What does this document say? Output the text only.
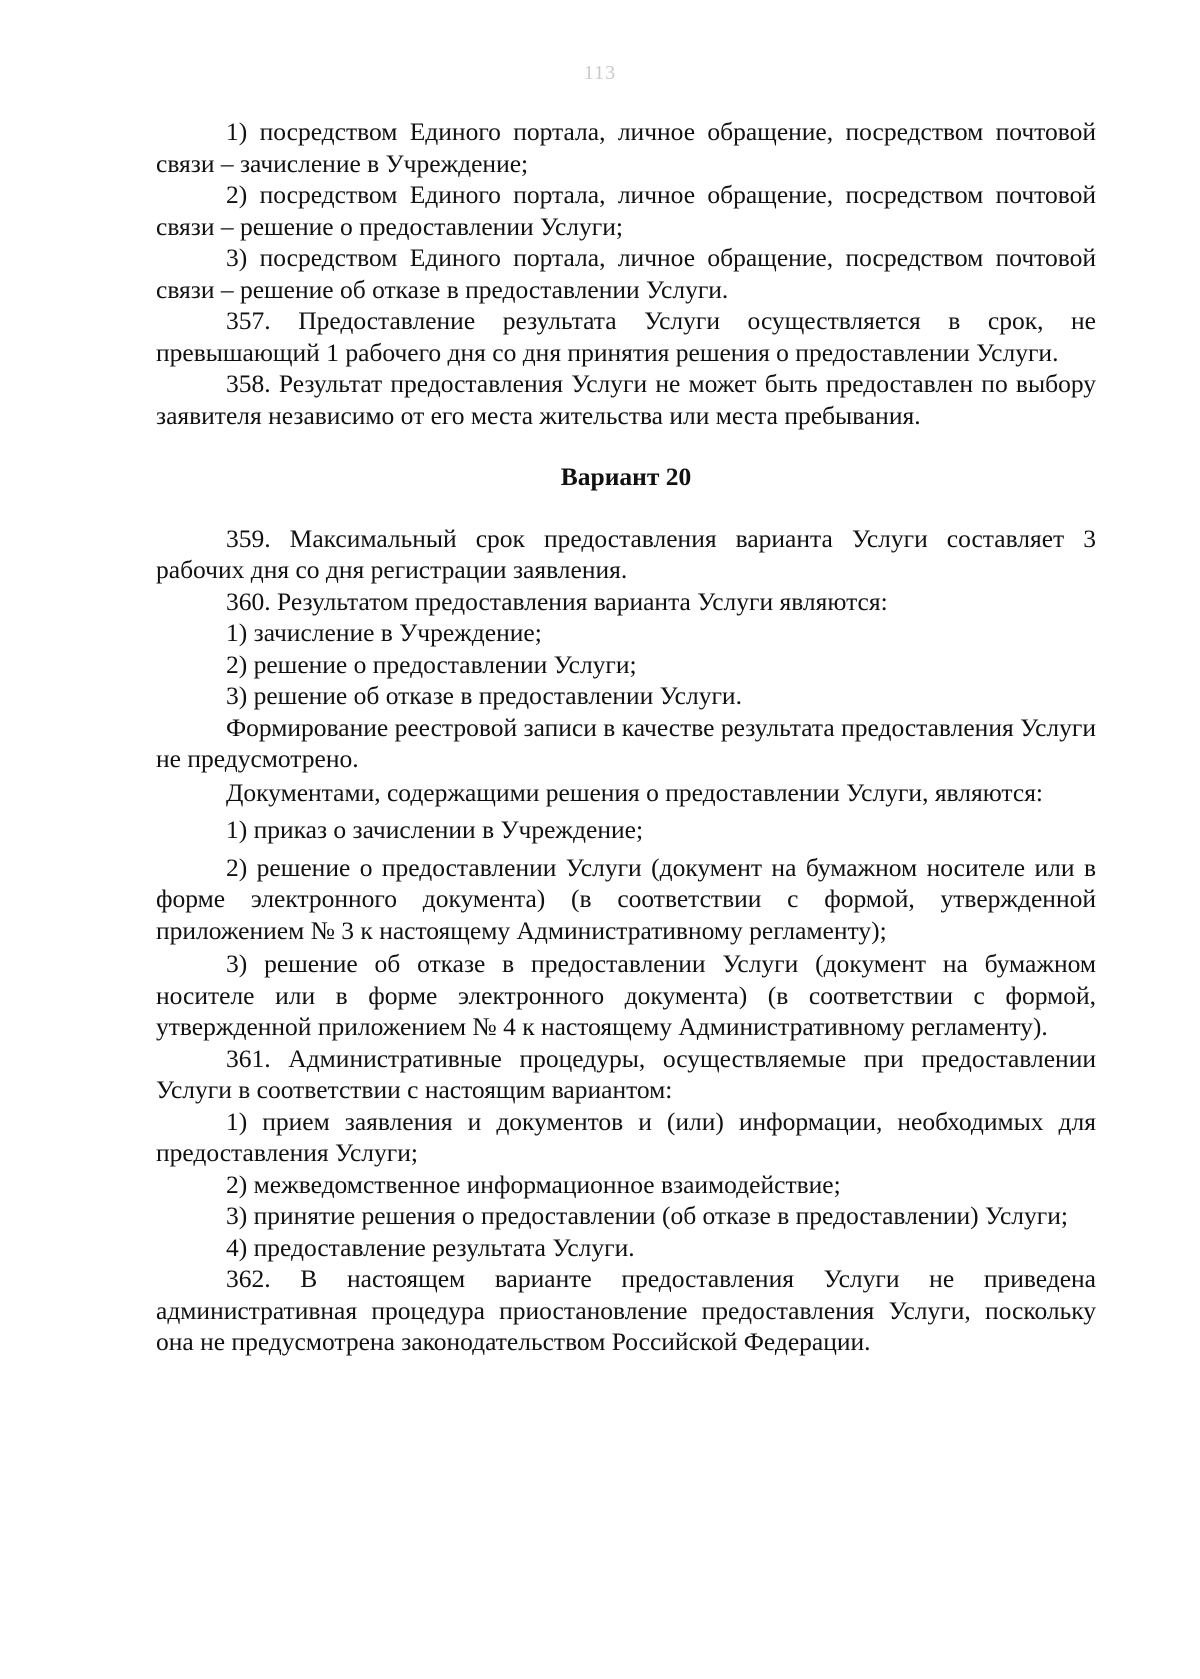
113

1) посредством Единого портала, личное обращение, посредством почтовой связи – зачисление в Учреждение;

2) посредством Единого портала, личное обращение, посредством почтовой связи – решение о предоставлении Услуги;

3) посредством Единого портала, личное обращение, посредством почтовой связи – решение об отказе в предоставлении Услуги.

357. Предоставление результата Услуги осуществляется в срок, не превышающий 1 рабочего дня со дня принятия решения о предоставлении Услуги.

358. Результат предоставления Услуги не может быть предоставлен по выбору заявителя независимо от его места жительства или места пребывания.

Вариант 20

359. Максимальный срок предоставления варианта Услуги составляет 3 рабочих дня со дня регистрации заявления.

360. Результатом предоставления варианта Услуги являются:

1) зачисление в Учреждение;

2) решение о предоставлении Услуги;

3) решение об отказе в предоставлении Услуги.

Формирование реестровой записи в качестве результата предоставления Услуги не предусмотрено.

Документами, содержащими решения о предоставлении Услуги, являются:

1) приказ о зачислении в Учреждение;

2) решение о предоставлении Услуги (документ на бумажном носителе или в форме электронного документа) (в соответствии с формой, утвержденной приложением № 3 к настоящему Административному регламенту);

3) решение об отказе в предоставлении Услуги (документ на бумажном носителе или в форме электронного документа) (в соответствии с формой, утвержденной приложением № 4 к настоящему Административному регламенту).

361. Административные процедуры, осуществляемые при предоставлении Услуги в соответствии с настоящим вариантом:

1) прием заявления и документов и (или) информации, необходимых для предоставления Услуги;

2) межведомственное информационное взаимодействие;

3) принятие решения о предоставлении (об отказе в предоставлении) Услуги;

4) предоставление результата Услуги.

362. В настоящем варианте предоставления Услуги не приведена административная процедура приостановление предоставления Услуги, поскольку она не предусмотрена законодательством Российской Федерации.
